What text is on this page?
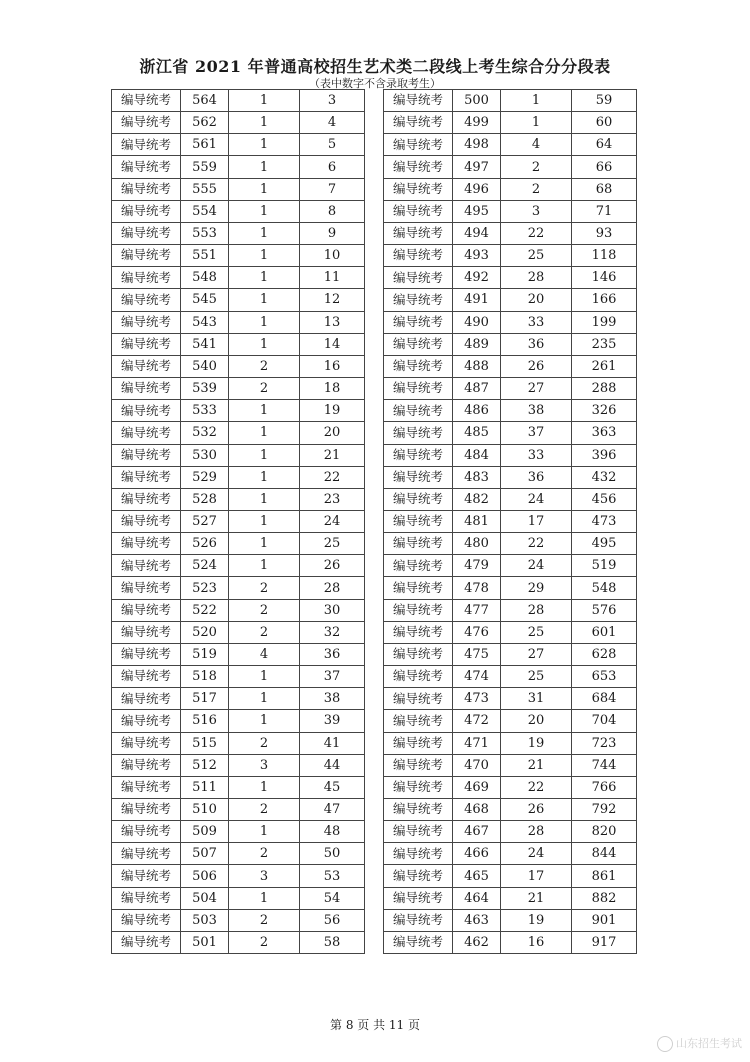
浙江省 2021 年普通高校招生艺术类二段线上考生综合分分段表
（表中数字不含录取考生）
编导统考	564	1	3
编导统考	562	1	4
编导统考	561	1	5
编导统考	559	1	6
编导统考	555	1	7
编导统考	554	1	8
编导统考	553	1	9
编导统考	551	1	10
编导统考	548	1	11
编导统考	545	1	12
编导统考	543	1	13
编导统考	541	1	14
编导统考	540	2	16
编导统考	539	2	18
编导统考	533	1	19
编导统考	532	1	20
编导统考	530	1	21
编导统考	529	1	22
编导统考	528	1	23
编导统考	527	1	24
编导统考	526	1	25
编导统考	524	1	26
编导统考	523	2	28
编导统考	522	2	30
编导统考	520	2	32
编导统考	519	4	36
编导统考	518	1	37
编导统考	517	1	38
编导统考	516	1	39
编导统考	515	2	41
编导统考	512	3	44
编导统考	511	1	45
编导统考	510	2	47
编导统考	509	1	48
编导统考	507	2	50
编导统考	506	3	53
编导统考	504	1	54
编导统考	503	2	56
编导统考	501	2	58
编导统考	500	1	59
编导统考	499	1	60
编导统考	498	4	64
编导统考	497	2	66
编导统考	496	2	68
编导统考	495	3	71
编导统考	494	22	93
编导统考	493	25	118
编导统考	492	28	146
编导统考	491	20	166
编导统考	490	33	199
编导统考	489	36	235
编导统考	488	26	261
编导统考	487	27	288
编导统考	486	38	326
编导统考	485	37	363
编导统考	484	33	396
编导统考	483	36	432
编导统考	482	24	456
编导统考	481	17	473
编导统考	480	22	495
编导统考	479	24	519
编导统考	478	29	548
编导统考	477	28	576
编导统考	476	25	601
编导统考	475	27	628
编导统考	474	25	653
编导统考	473	31	684
编导统考	472	20	704
编导统考	471	19	723
编导统考	470	21	744
编导统考	469	22	766
编导统考	468	26	792
编导统考	467	28	820
编导统考	466	24	844
编导统考	465	17	861
编导统考	464	21	882
编导统考	463	19	901
编导统考	462	16	917
第 8 页 共 11 页
山东招生考试
